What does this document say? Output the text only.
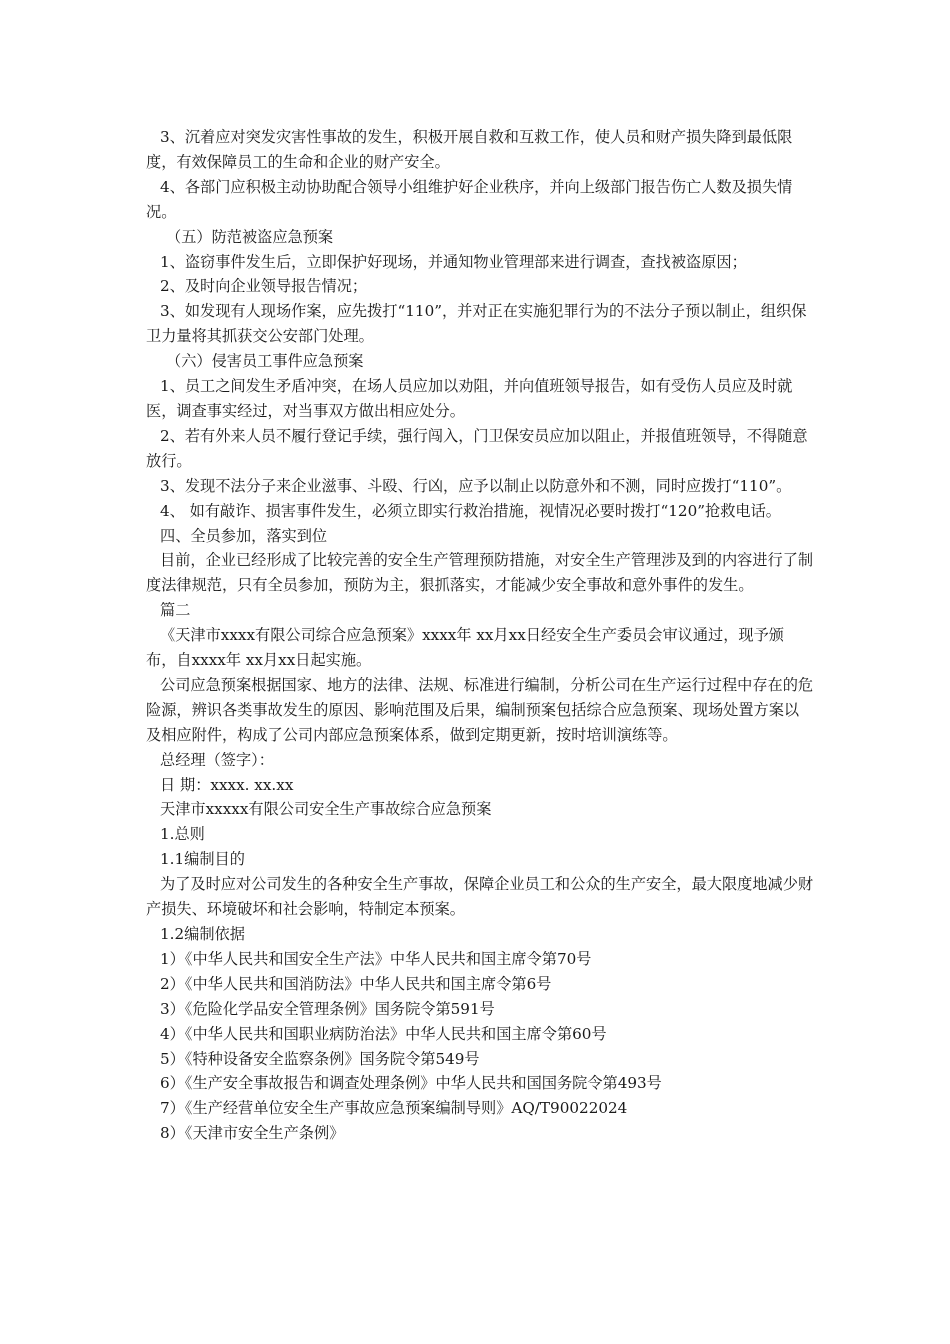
3、沉着应对突发灾害性事故的发生，积极开展自救和互救工作，使人员和财产损失降到最低限度，有效保障员工的生命和企业的财产安全。

4、各部门应积极主动协助配合领导小组维护好企业秩序，并向上级部门报告伤亡人数及损失情况。

（五）防范被盗应急预案

1、盗窃事件发生后，立即保护好现场，并通知物业管理部来进行调查，查找被盗原因；

2、及时向企业领导报告情况；

3、如发现有人现场作案，应先拨打“110”，并对正在实施犯罪行为的不法分子预以制止，组织保卫力量将其抓获交公安部门处理。

（六）侵害员工事件应急预案

1、员工之间发生矛盾冲突，在场人员应加以劝阻，并向值班领导报告，如有受伤人员应及时就医，调查事实经过，对当事双方做出相应处分。

2、若有外来人员不履行登记手续，强行闯入，门卫保安员应加以阻止，并报值班领导，不得随意放行。

3、发现不法分子来企业滋事、斗殴、行凶，应予以制止以防意外和不测，同时应拨打“110”。

4、 如有敲诈、损害事件发生，必须立即实行救治措施，视情况必要时拨打“120”抢救电话。

四、全员参加，落实到位

目前，企业已经形成了比较完善的安全生产管理预防措施，对安全生产管理涉及到的内容进行了制度法律规范，只有全员参加，预防为主，狠抓落实，才能减少安全事故和意外事件的发生。

篇二

《天津市xxxx有限公司综合应急预案》xxxx年 xx月xx日经安全生产委员会审议通过，现予颁布，自xxxx年 xx月xx日起实施。

公司应急预案根据国家、地方的法律、法规、标准进行编制，分析公司在生产运行过程中存在的危险源，辨识各类事故发生的原因、影响范围及后果，编制预案包括综合应急预案、现场处置方案以及相应附件，构成了公司内部应急预案体系，做到定期更新，按时培训演练等。

总经理（签字）：

日 期：xxxx. xx.xx

天津市xxxxx有限公司安全生产事故综合应急预案

1.总则

1.1编制目的

为了及时应对公司发生的各种安全生产事故，保障企业员工和公众的生产安全，最大限度地减少财产损失、环境破坏和社会影响，特制定本预案。

1.2编制依据

1）《中华人民共和国安全生产法》中华人民共和国主席令第70号

2）《中华人民共和国消防法》中华人民共和国主席令第6号

3）《危险化学品安全管理条例》国务院令第591号

4）《中华人民共和国职业病防治法》中华人民共和国主席令第60号

5）《特种设备安全监察条例》国务院令第549号

6）《生产安全事故报告和调查处理条例》中华人民共和国国务院令第493号

7）《生产经营单位安全生产事故应急预案编制导则》AQ/T90022024

8）《天津市安全生产条例》
